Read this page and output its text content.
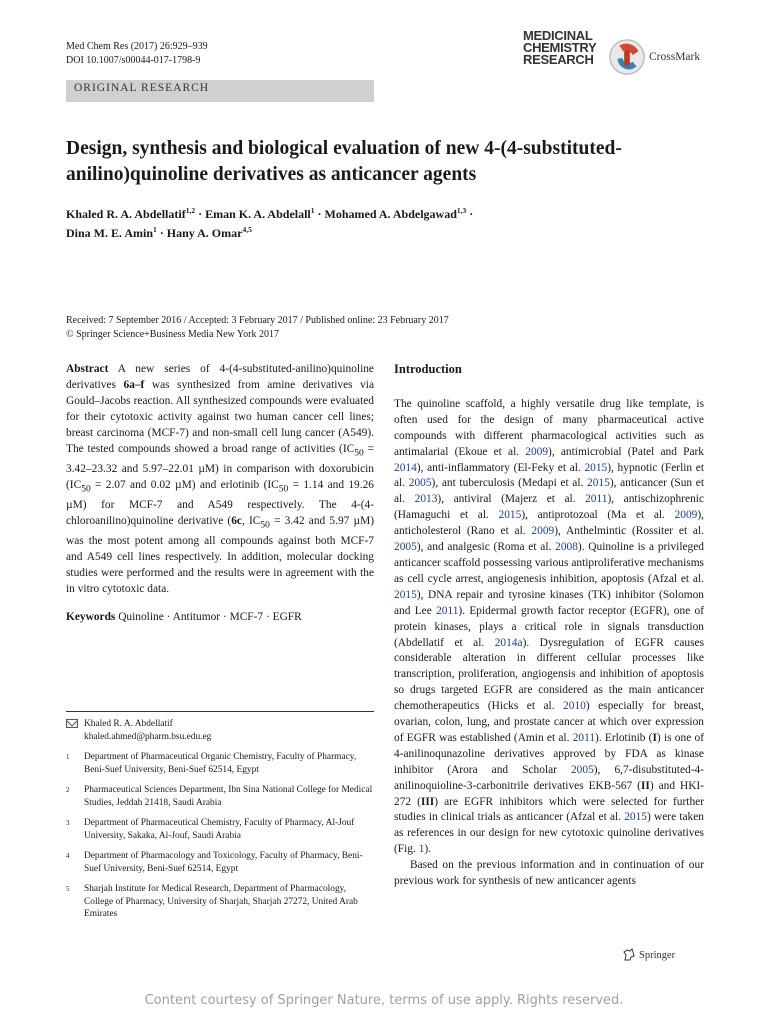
Med Chem Res (2017) 26:929–939
DOI 10.1007/s00044-017-1798-9
ORIGINAL RESEARCH
MEDICINAL
CHEMISTRY
RESEARCH	CrossMark
Design, synthesis and biological evaluation of new 4-(4-substituted-anilino)quinoline derivatives as anticancer agents
Khaled R. A. Abdellatif$^{1,2}$ · Eman K. A. Abdelall$^1$ · Mohamed A. Abdelgawad$^{1,3}$ ·
Dina M. E. Amin$^1$ · Hany A. Omar$^{4,5}$
Received: 7 September 2016 / Accepted: 3 February 2017 / Published online: 23 February 2017
© Springer Science+Business Media New York 2017

Abstract A new series of 4-(4-substituted-anilino)quinoline derivatives 6a–f was synthesized from amine derivatives via Gould–Jacobs reaction. All synthesized compounds were evaluated for their cytotoxic activity against two human cancer cell lines; breast carcinoma (MCF-7) and non-small cell lung cancer (A549). The tested compounds showed a broad range of activities ($IC_{50} = 3.42-23.32$ and 5.97–22.01 µM) in comparison with doxorubicin ($IC_{50} = 2.07$ and 0.02 µM) and erlotinib ($IC_{50} = 1.14$ and 19.26 µM) for MCF-7 and A549 respectively. The 4-(4-chloroanilino)quinoline derivative (6c, $IC_{50} = 3.42$ and 5.97 µM) was the most potent among all compounds against both MCF-7 and A549 cell lines respectively. In addition, molecular docking studies were performed and the results were in agreement with the in vitro cytotoxic data.

Keywords Quinoline · Antitumor · MCF-7 · EGFR

Khaled R. A. Abdellatif
khaled.ahmed@pharm.bsu.edu.eg
1	Department of Pharmaceutical Organic Chemistry, Faculty of Pharmacy, Beni-Suef University, Beni-Suef 62514, Egypt
2	Pharmaceutical Sciences Department, Ibn Sina National College for Medical Studies, Jeddah 21418, Saudi Arabia
3	Department of Pharmaceutical Chemistry, Faculty of Pharmacy, Al-Jouf University, Sakaka, Al-Jouf, Saudi Arabia
4	Department of Pharmacology and Toxicology, Faculty of Pharmacy, Beni-Suef University, Beni-Suef 62514, Egypt
5	Sharjah Institute for Medical Research, Department of Pharmacology, College of Pharmacy, University of Sharjah, Sharjah 27272, United Arab Emirates
Introduction

The quinoline scaffold, a highly versatile drug like template, is often used for the design of many pharmaceutical active compounds with different pharmacological activities such as antimalarial (Ekoue et al. 2009), antimicrobial (Patel and Park 2014), anti-inflammatory (El-Feky et al. 2015), hypnotic (Ferlin et al. 2005), ant tuberculosis (Medapi et al. 2015), anticancer (Sun et al. 2013), antiviral (Majerz et al. 2011), antischizophrenic (Hamaguchi et al. 2015), antiprotozoal (Ma et al. 2009), anticholesterol (Rano et al. 2009), Anthelmintic (Rossiter et al. 2005), and analgesic (Roma et al. 2008). Quinoline is a privileged anticancer scaffold possessing various antiproliferative mechanisms as cell cycle arrest, angiogenesis inhibition, apoptosis (Afzal et al. 2015), DNA repair and tyrosine kinases (TK) inhibitor (Solomon and Lee 2011). Epidermal growth factor receptor (EGFR), one of protein kinases, plays a critical role in signals transduction (Abdellatif et al. 2014a). Dysregulation of EGFR causes considerable alteration in different cellular processes like transcription, proliferation, angiogensis and inhibition of apoptosis so drugs targeted EGFR are considered as the main anticancer chemotherapeutics (Hicks et al. 2010) especially for breast, ovarian, colon, lung, and prostate cancer at which over expression of EGFR was established (Amin et al. 2011). Erlotinib (I) is one of 4-anilinoqunazoline derivatives approved by FDA as kinase inhibitor (Arora and Scholar 2005), 6,7-disubstituted-4-anilinoquioline-3-carbonitrile derivatives EKB-567 (II) and HKI-272 (III) are EGFR inhibitors which were selected for further studies in clinical trials as anticancer (Afzal et al. 2015) were taken as references in our design for new cytotoxic quinoline derivatives (Fig. 1).

Based on the previous information and in continuation of our previous work for synthesis of new anticancer agents

Springer
Content courtesy of Springer Nature, terms of use apply. Rights reserved.
